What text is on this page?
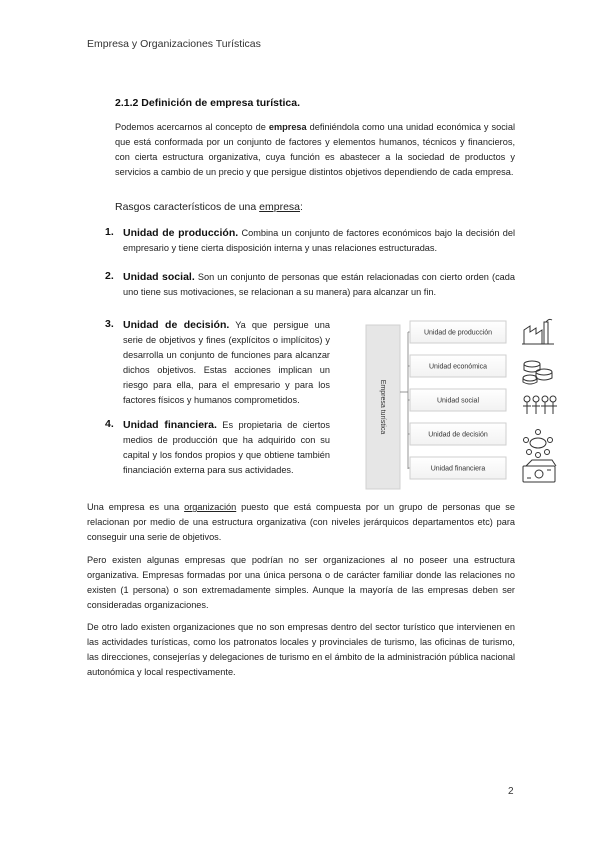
Empresa y Organizaciones Turísticas
2.1.2 Definición de empresa turística.
Podemos acercarnos al concepto de empresa definiéndola como una unidad económica y social que está conformada por un conjunto de factores y elementos humanos, técnicos y financieros, con cierta estructura organizativa, cuya función es abastecer a la sociedad de productos y servicios a cambio de un precio y que persigue distintos objetivos dependiendo de cada empresa.
Rasgos característicos de una empresa:
1. Unidad de producción. Combina un conjunto de factores económicos bajo la decisión del empresario y tiene cierta disposición interna y unas relaciones estructuradas.
2. Unidad social. Son un conjunto de personas que están relacionadas con cierto orden (cada uno tiene sus motivaciones, se relacionan a su manera) para alcanzar un fin.
3. Unidad de decisión. Ya que persigue una serie de objetivos y fines (explícitos o implícitos) y desarrolla un conjunto de funciones para alcanzar dichos objetivos. Estas acciones implican un riesgo para ella, para el empresario y para los factores físicos y humanos comprometidos.
4. Unidad financiera. Es propietaria de ciertos medios de producción que ha adquirido con su capital y los fondos propios y que obtiene también financiación externa para sus actividades.
Empresa turística
Unidad de producción
Unidad económica
Unidad social
Unidad de decisión
Unidad financiera
Una empresa es una organización puesto que está compuesta por un grupo de personas que se relacionan por medio de una estructura organizativa (con niveles jerárquicos departamentos etc) para conseguir una serie de objetivos.
Pero existen algunas empresas que podrían no ser organizaciones al no poseer una estructura organizativa. Empresas formadas por una única persona o de carácter familiar donde las relaciones no existen (1 persona) o son extremadamente simples. Aunque la mayoría de las empresas deben ser consideradas organizaciones.
De otro lado existen organizaciones que no son empresas dentro del sector turístico que intervienen en las actividades turísticas, como los patronatos locales y provinciales de turismo, las oficinas de turismo, las direcciones, consejerías y delegaciones de turismo en el ámbito de la administración pública nacional autonómica y local respectivamente.
2
